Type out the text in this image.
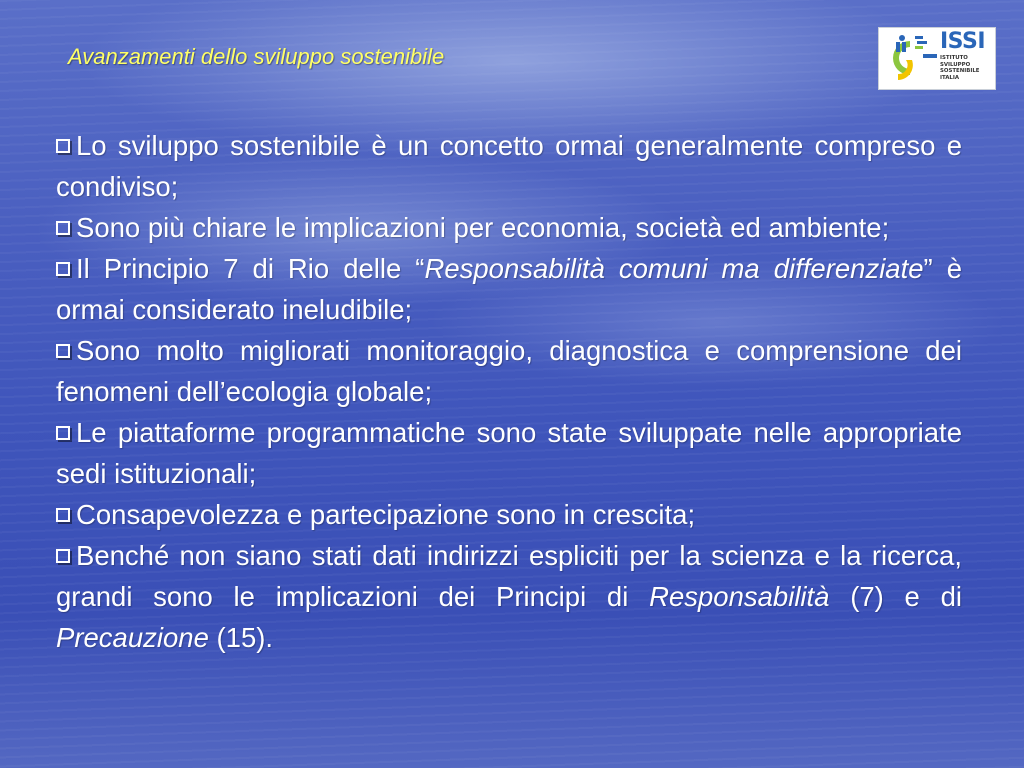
Avanzamenti dello sviluppo sostenibile
ISSI
ISTITUTO
SVILUPPO
SOSTENIBILE
ITALIA

Lo sviluppo sostenibile è un concetto ormai generalmente compreso e condiviso;

Sono più chiare le implicazioni per economia, società ed ambiente;

Il Principio 7 di Rio delle “Responsabilità comuni ma differenziate” è ormai considerato ineludibile;

Sono molto migliorati monitoraggio, diagnostica e comprensione dei fenomeni dell’ecologia globale;

Le piattaforme programmatiche sono state sviluppate nelle appropriate sedi istituzionali;

Consapevolezza e partecipazione sono in crescita;

Benché non siano stati dati indirizzi espliciti per la scienza e la ricerca, grandi sono le implicazioni dei Principi di Responsabilità (7) e di Precauzione (15).
